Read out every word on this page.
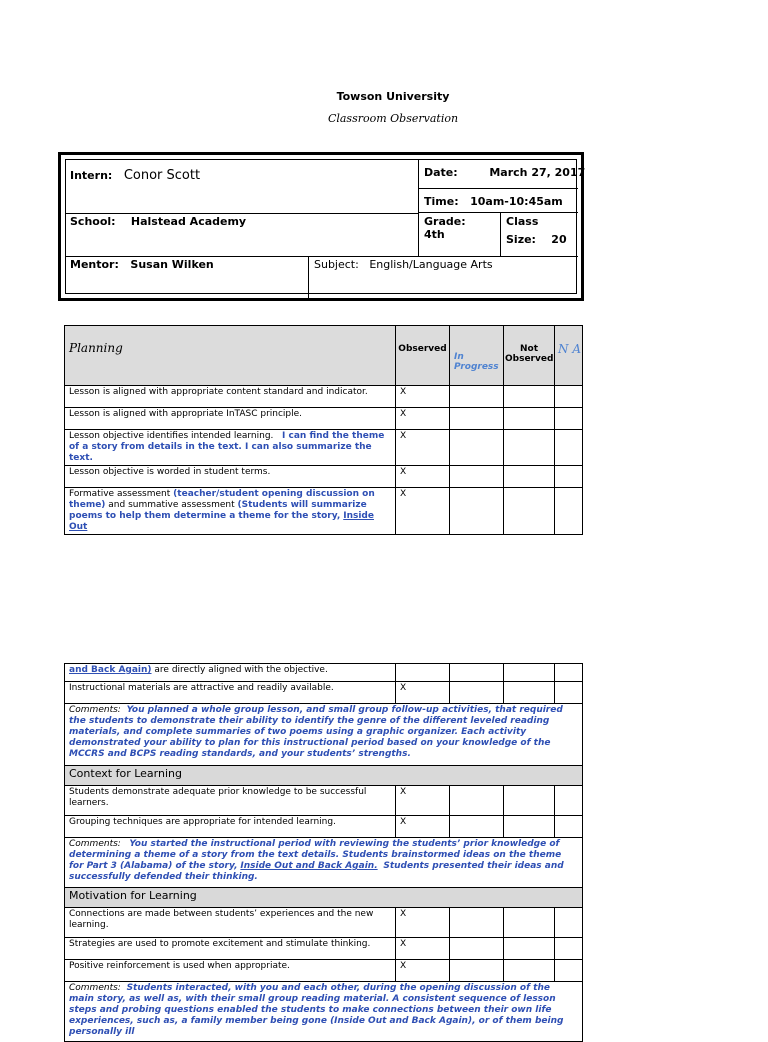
Towson University
Classroom Observation
Intern: Conor Scott	Date:	March 27, 2017
Time: 10am-10:45am
School: Halstead Academy	Grade:
4th
Class
Size: 20
Mentor: Susan Wilken	Subject: English/Language Arts
Planning	Observed	In Progress	Not Observed	N A
Lesson is aligned with appropriate content standard and indicator.	X			
Lesson is aligned with appropriate InTASC principle.	X			
Lesson objective identifies intended learning. I can find the theme of a story from details in the text. I can also summarize the text.	X			
Lesson objective is worded in student terms.	X			
Formative assessment (teacher/student opening discussion on theme) and summative assessment (Students will summarize poems to help them determine a theme for the story, Inside Out	X			
and Back Again) are directly aligned with the objective.				
Instructional materials are attractive and readily available.	X			
Comments: You planned a whole group lesson, and small group follow-up activities, that required the students to demonstrate their ability to identify the genre of the different leveled reading materials, and complete summaries of two poems using a graphic organizer. Each activity demonstrated your ability to plan for this instructional period based on your knowledge of the MCCRS and BCPS reading standards, and your students’ strengths.				
Context for Learning				
Students demonstrate adequate prior knowledge to be successful learners.	X			
Grouping techniques are appropriate for intended learning.	X			
Comments: You started the instructional period with reviewing the students’ prior knowledge of determining a theme of a story from the text details. Students brainstormed ideas on the theme for Part 3 (Alabama) of the story, Inside Out and Back Again. Students presented their ideas and successfully defended their thinking.				
Motivation for Learning				
Connections are made between students’ experiences and the new learning.	X			
Strategies are used to promote excitement and stimulate thinking.	X			
Positive reinforcement is used when appropriate.	X			
Comments: Students interacted, with you and each other, during the opening discussion of the main story, as well as, with their small group reading material. A consistent sequence of lesson steps and probing questions enabled the students to make connections between their own life experiences, such as, a family member being gone (Inside Out and Back Again), or of them being personally ill				
